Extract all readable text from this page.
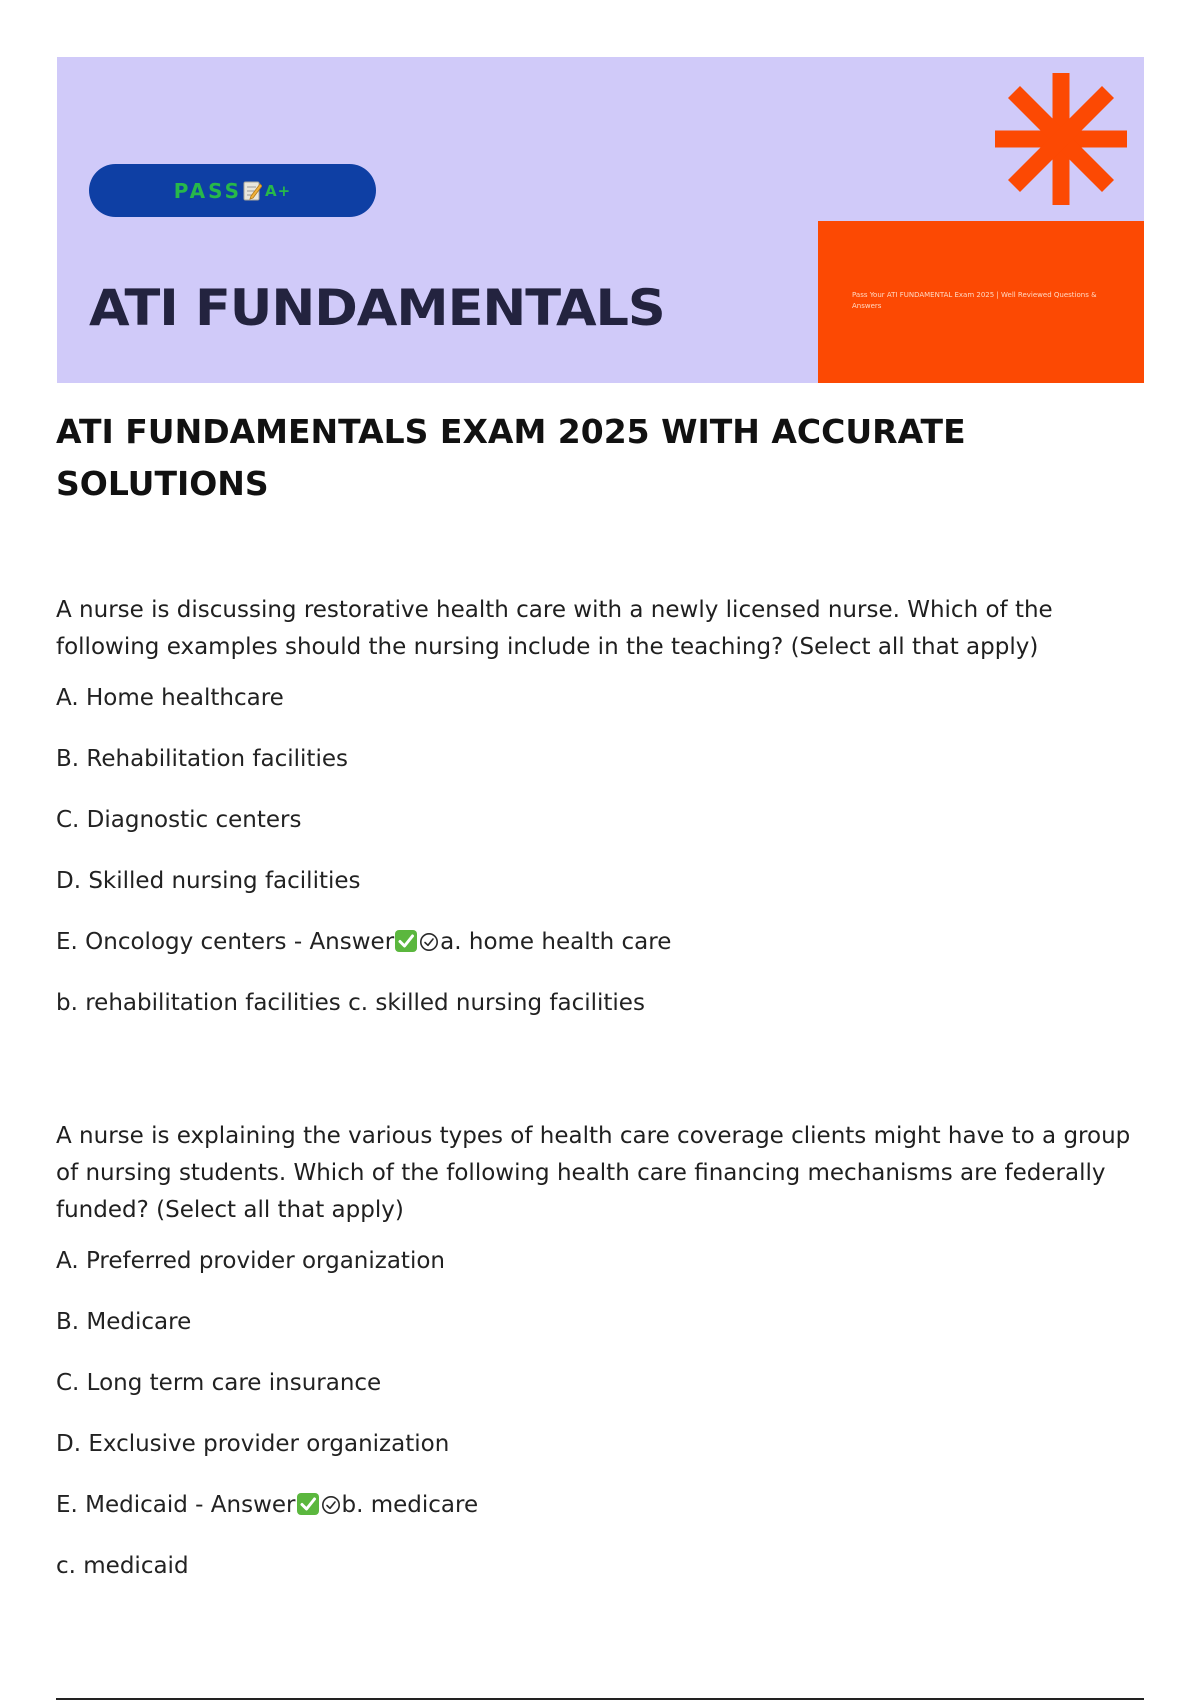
PASS A+
ATI FUNDAMENTALS	Pass Your ATI FUNDAMENTAL Exam 2025 | Well Reviewed Questions & Answers
ATI FUNDAMENTALS EXAM 2025 WITH ACCURATE SOLUTIONS

A nurse is discussing restorative health care with a newly licensed nurse. Which of the following examples should the nursing include in the teaching? (Select all that apply)

A. Home healthcare

B. Rehabilitation facilities

C. Diagnostic centers

D. Skilled nursing facilities

E. Oncology centers - Answer a. home health care

b. rehabilitation facilities c. skilled nursing facilities

A nurse is explaining the various types of health care coverage clients might have to a group of nursing students. Which of the following health care financing mechanisms are federally funded? (Select all that apply)

A. Preferred provider organization

B. Medicare

C. Long term care insurance

D. Exclusive provider organization

E. Medicaid - Answer b. medicare

c. medicaid
